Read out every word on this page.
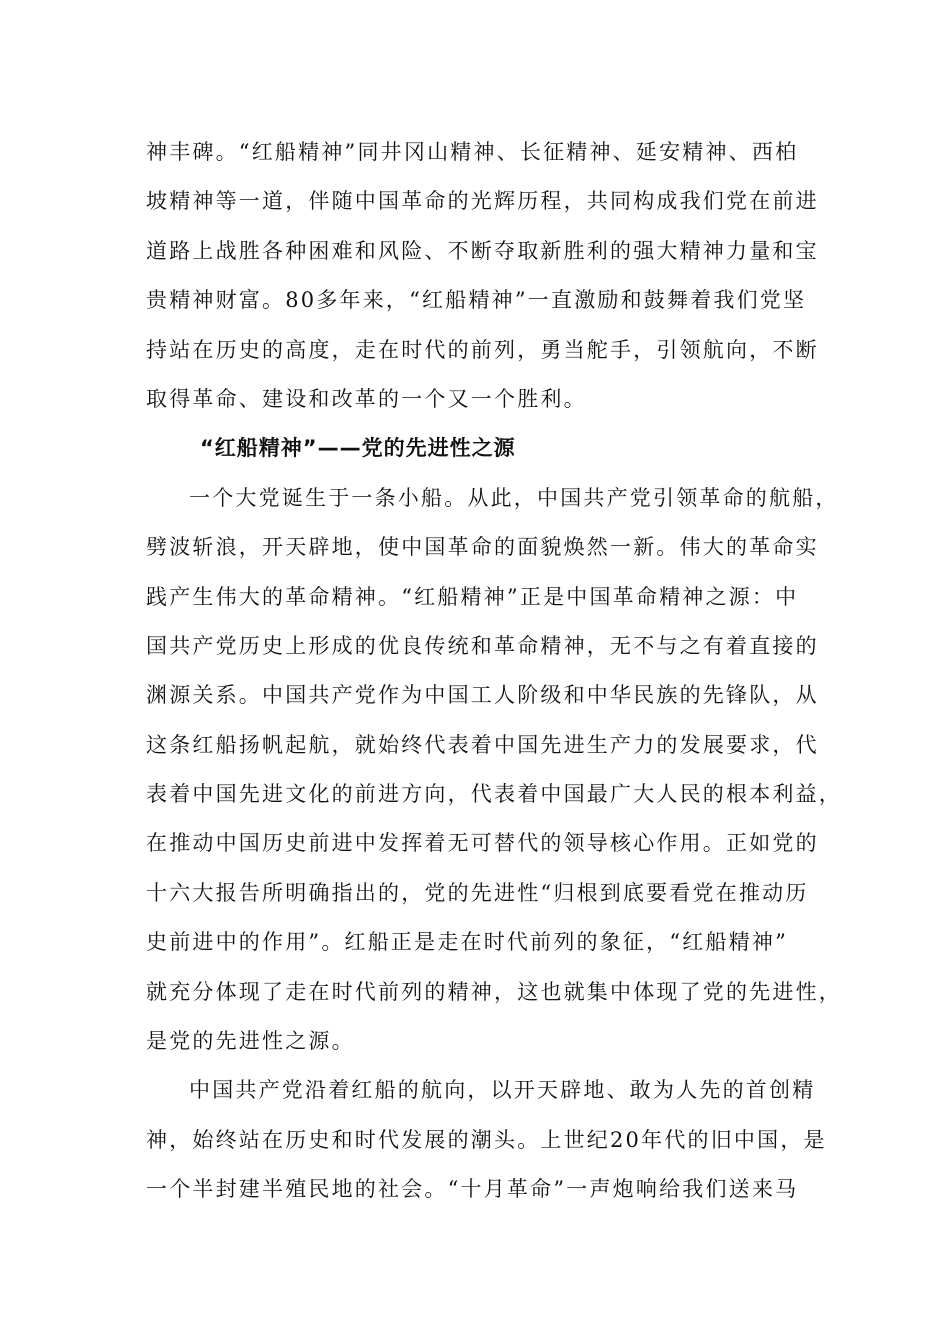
神丰碑。“红船精神”同井冈山精神、长征精神、延安精神、西柏
坡精神等一道，伴随中国革命的光辉历程，共同构成我们党在前进
道路上战胜各种困难和风险、不断夺取新胜利的强大精神力量和宝
贵精神财富。80多年来，“红船精神”一直激励和鼓舞着我们党坚
持站在历史的高度，走在时代的前列，勇当舵手，引领航向，不断
取得革命、建设和改革的一个又一个胜利。
“红船精神”——党的先进性之源
一个大党诞生于一条小船。从此，中国共产党引领革命的航船，
劈波斩浪，开天辟地，使中国革命的面貌焕然一新。伟大的革命实
践产生伟大的革命精神。“红船精神”正是中国革命精神之源：中
国共产党历史上形成的优良传统和革命精神，无不与之有着直接的
渊源关系。中国共产党作为中国工人阶级和中华民族的先锋队，从
这条红船扬帆起航，就始终代表着中国先进生产力的发展要求，代
表着中国先进文化的前进方向，代表着中国最广大人民的根本利益，
在推动中国历史前进中发挥着无可替代的领导核心作用。正如党的
十六大报告所明确指出的，党的先进性“归根到底要看党在推动历
史前进中的作用”。红船正是走在时代前列的象征，“红船精神”
就充分体现了走在时代前列的精神，这也就集中体现了党的先进性，
是党的先进性之源。
中国共产党沿着红船的航向，以开天辟地、敢为人先的首创精
神，始终站在历史和时代发展的潮头。上世纪20年代的旧中国，是
一个半封建半殖民地的社会。“十月革命”一声炮响给我们送来马
